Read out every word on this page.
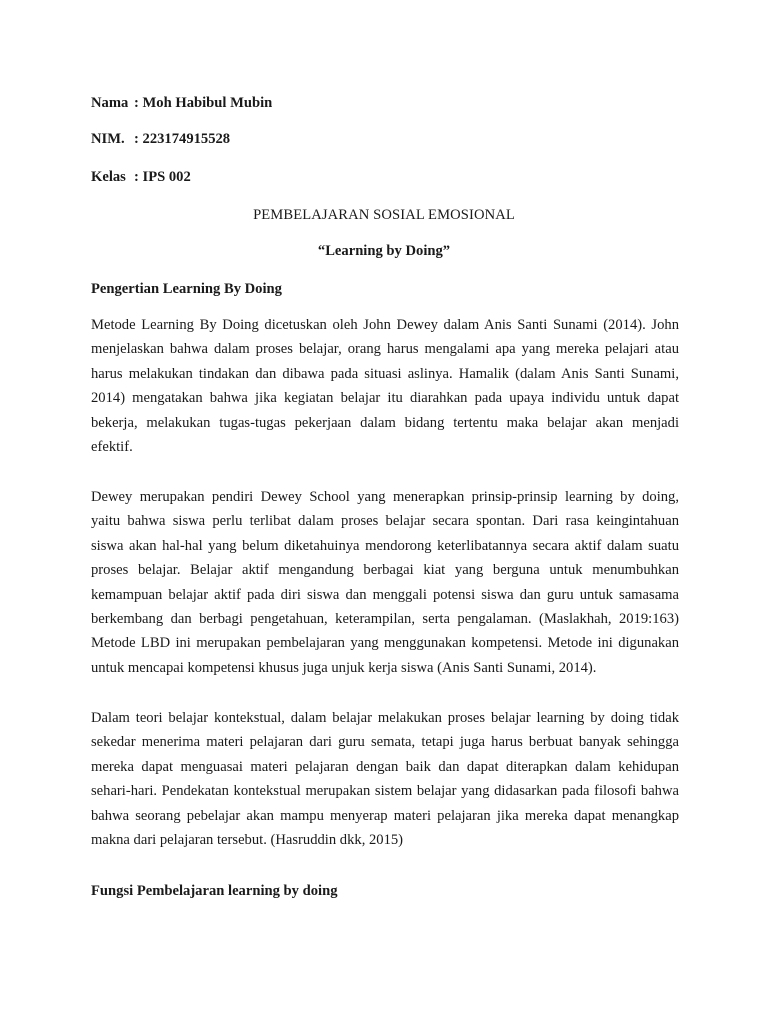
Nama : Moh Habibul Mubin
NIM. : 223174915528
Kelas : IPS 002
PEMBELAJARAN SOSIAL EMOSIONAL
“Learning by Doing”
Pengertian Learning By Doing
Metode Learning By Doing dicetuskan oleh John Dewey dalam Anis Santi Sunami (2014). John
menjelaskan bahwa dalam proses belajar, orang harus mengalami apa yang mereka pelajari atau
harus melakukan tindakan dan dibawa pada situasi aslinya. Hamalik (dalam Anis Santi Sunami,
2014) mengatakan bahwa jika kegiatan belajar itu diarahkan pada upaya individu untuk dapat
bekerja, melakukan tugas-tugas pekerjaan dalam bidang tertentu maka belajar akan menjadi
efektif.
Dewey merupakan pendiri Dewey School yang menerapkan prinsip-prinsip learning by doing,
yaitu bahwa siswa perlu terlibat dalam proses belajar secara spontan. Dari rasa keingintahuan
siswa akan hal-hal yang belum diketahuinya mendorong keterlibatannya secara aktif dalam suatu
proses belajar. Belajar aktif mengandung berbagai kiat yang berguna untuk menumbuhkan
kemampuan belajar aktif pada diri siswa dan menggali potensi siswa dan guru untuk samasama
berkembang dan berbagi pengetahuan, keterampilan, serta pengalaman. (Maslakhah, 2019:163)
Metode LBD ini merupakan pembelajaran yang menggunakan kompetensi. Metode ini digunakan
untuk mencapai kompetensi khusus juga unjuk kerja siswa (Anis Santi Sunami, 2014).
Dalam teori belajar kontekstual, dalam belajar melakukan proses belajar learning by doing tidak
sekedar menerima materi pelajaran dari guru semata, tetapi juga harus berbuat banyak sehingga
mereka dapat menguasai materi pelajaran dengan baik dan dapat diterapkan dalam kehidupan
sehari-hari. Pendekatan kontekstual merupakan sistem belajar yang didasarkan pada filosofi bahwa
bahwa seorang pebelajar akan mampu menyerap materi pelajaran jika mereka dapat menangkap
makna dari pelajaran tersebut. (Hasruddin dkk, 2015)
Fungsi Pembelajaran learning by doing
